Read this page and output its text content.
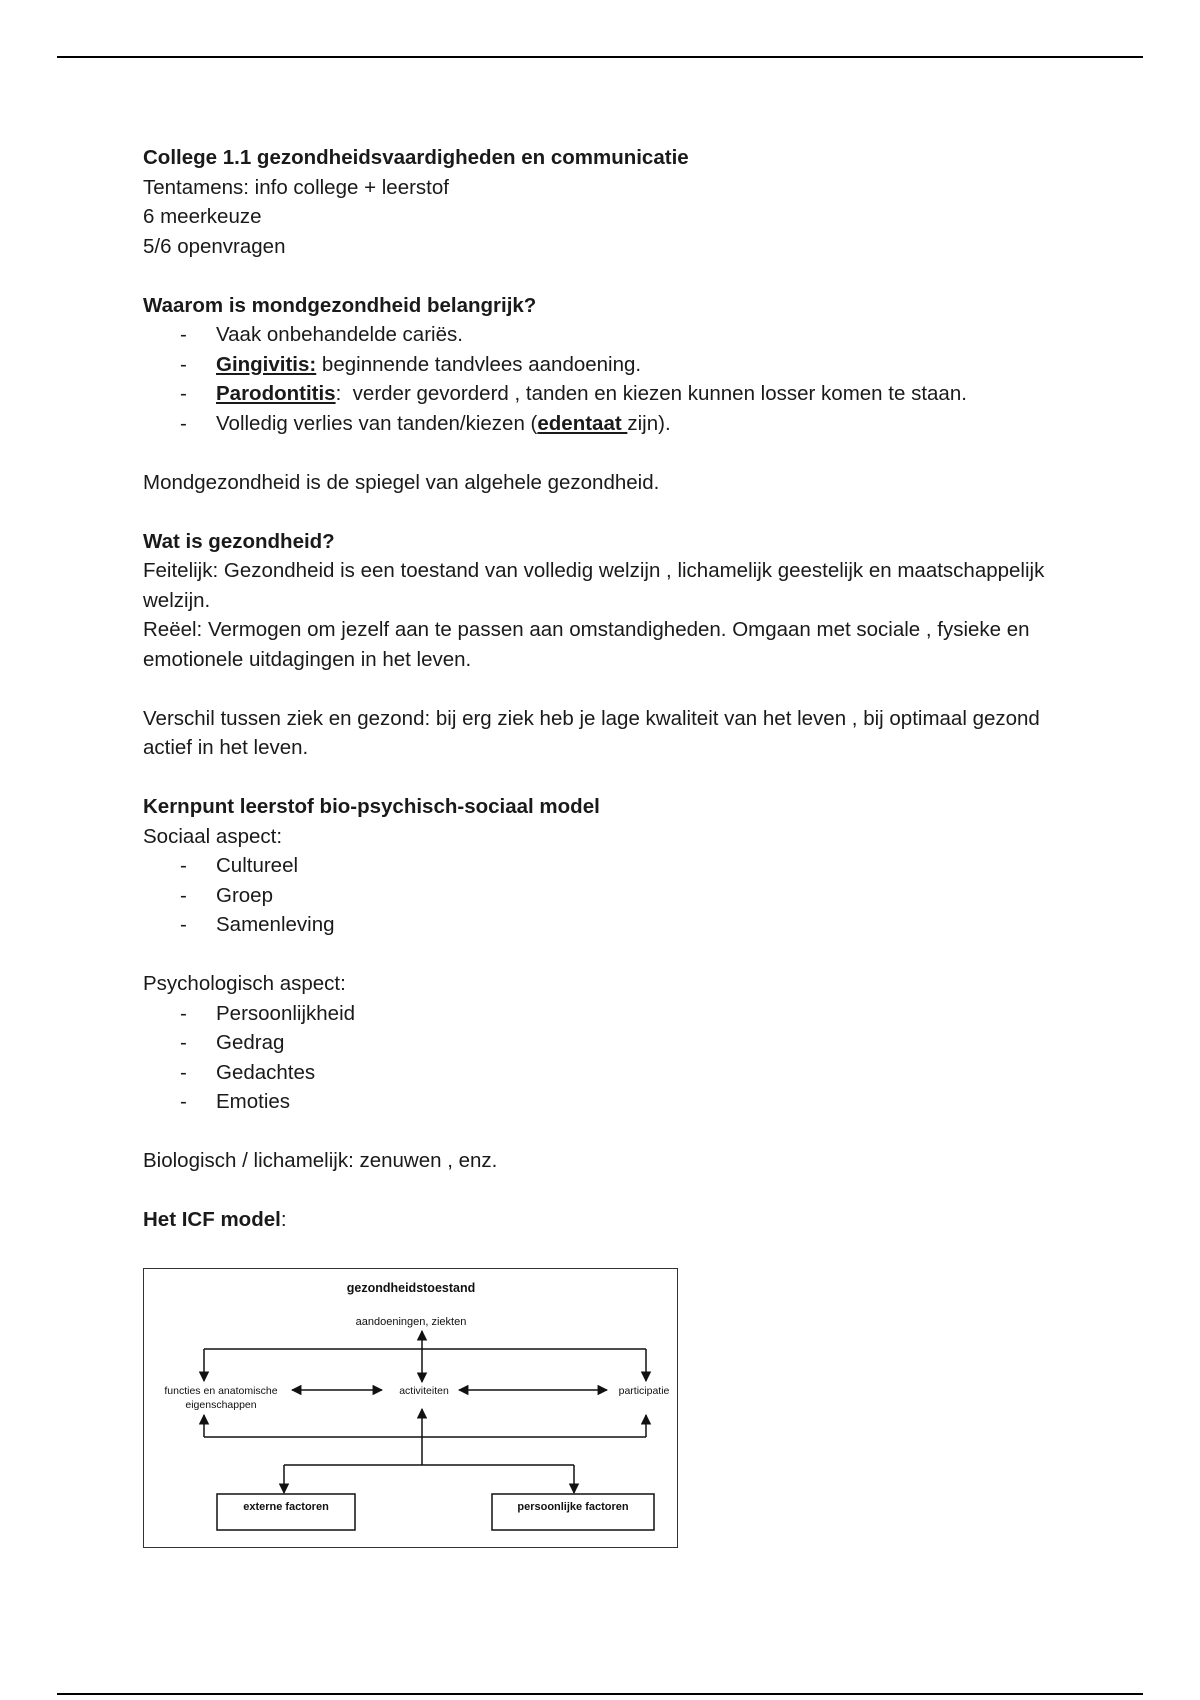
College 1.1 gezondheidsvaardigheden en communicatie

Tentamens: info college + leerstof

6 meerkeuze

5/6 openvragen

Waarom is mondgezondheid belangrijk?

- Vaak onbehandelde cariës.
- Gingivitis: beginnende tandvlees aandoening.
- Parodontitis:  verder gevorderd , tanden en kiezen kunnen losser komen te staan.
- Volledig verlies van tanden/kiezen (edentaat zijn).

Mondgezondheid is de spiegel van algehele gezondheid.

Wat is gezondheid?

Feitelijk: Gezondheid is een toestand van volledig welzijn , lichamelijk geestelijk en maatschappelijk welzijn.

Reëel: Vermogen om jezelf aan te passen aan omstandigheden. Omgaan met sociale , fysieke en emotionele uitdagingen in het leven.

Verschil tussen ziek en gezond: bij erg ziek heb je lage kwaliteit van het leven , bij optimaal gezond actief in het leven.

Kernpunt leerstof bio-psychisch-sociaal model

Sociaal aspect:

- Cultureel
- Groep
- Samenleving

Psychologisch aspect:

- Persoonlijkheid
- Gedrag
- Gedachtes
- Emoties

Biologisch / lichamelijk: zenuwen , enz.

Het ICF model:

gezondheidstoestand
aandoeningen, ziekten
functies en anatomische
eigenschappen
activiteiten	participatie
externe factoren	persoonlijke factoren
